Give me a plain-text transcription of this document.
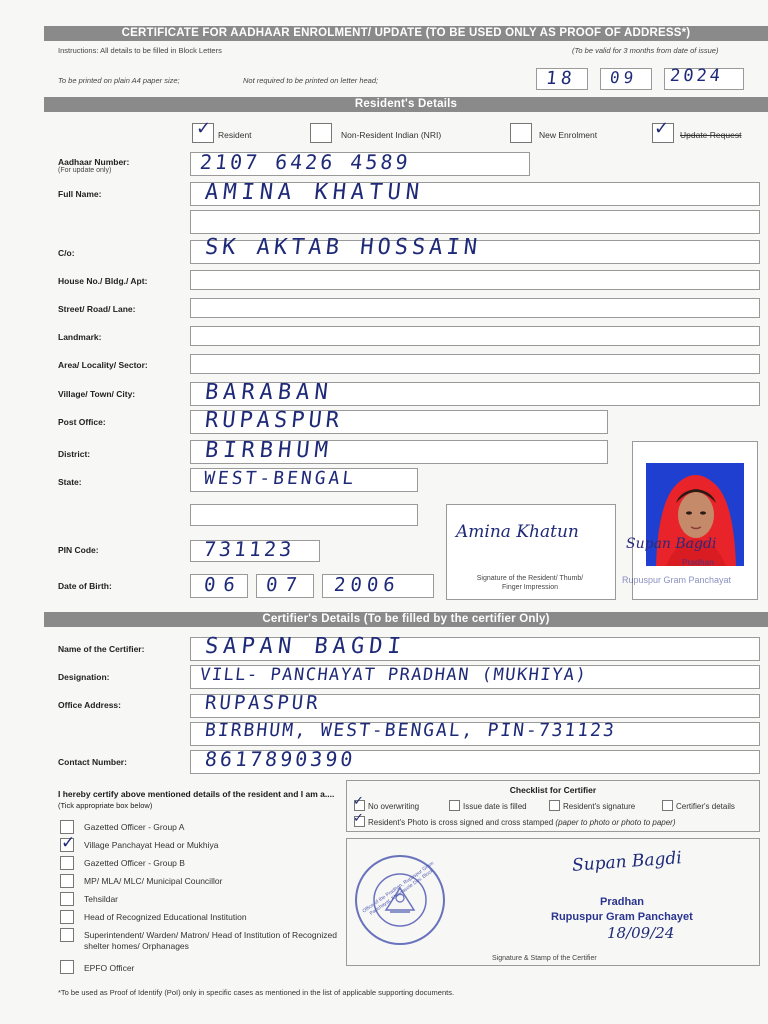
CERTIFICATE FOR AADHAAR ENROLMENT/ UPDATE (TO BE USED ONLY AS PROOF OF ADDRESS*)
Instructions: All details to be filled in Block Letters	(To be valid for 3 months from date of issue)
To be printed on plain A4 paper size;	Not required to be printed on letter head;	18 09 2024
Resident's Details
✓ Resident	Non-Resident Indian (NRI)	New Enrolment	✓ Update Request
Aadhaar Number:
(For update only)	2107 6426 4589
Full Name:	AMINA KHATUN
C/o:	SK AKTAB HOSSAIN
House No./ Bldg./ Apt:
Street/ Road/ Lane:
Landmark:
Area/ Locality/ Sector:
Village/ Town/ City:	BARABAN
Post Office:	RUPASPUR
District:	BIRBHUM
State:	WEST-BENGAL
PIN Code:	731123
Date of Birth:	06 07 2006
Amina Khatun
Signature of the Resident/ Thumb/ Finger Impression
Supan Bagdi
Pradhan
Rupuspur Gram Panchayat
Certifier's Details (To be filled by the certifier Only)
Name of the Certifier:	SAPAN BAGDI
Designation:	VILL- PANCHAYAT PRADHAN (MUKHIYA)
Office Address:	RUPASPUR
BIRBHUM, WEST-BENGAL, PIN-731123
Contact Number:	8617890390
I hereby certify above mentioned details of the resident and I am a.... (Tick appropriate box below)
Gazetted Officer - Group A
✓ Village Panchayat Head or Mukhiya
Gazetted Officer - Group B
MP/ MLA/ MLC/ Municipal Councillor
Tehsildar
Head of Recognized Educational Institution
Superintendent/ Warden/ Matron/ Head of Institution of Recognized shelter homes/ Orphanages
EPFO Officer
Checklist for Certifier
No overwriting	Issue date is filled	Resident's signature	Certifier's details
✓
✓ Resident's Photo is cross signed and cross stamped (paper to photo or photo to paper)
Office of the Pradhan, Rupuspur Gram Panchayat, Khayrasole Dev. Block
Supan Bagdi
Pradhan
Rupuspur Gram Panchayet
18/09/24
Signature & Stamp of the Certifier
*To be used as Proof of Identify (PoI) only in specific cases as mentioned in the list of applicable supporting documents.
